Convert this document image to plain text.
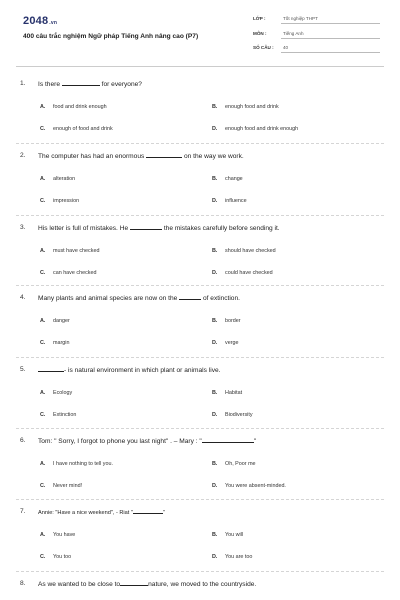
2048.vn
400 câu trắc nghiệm Ngữ pháp Tiếng Anh nâng cao (P7)
LỚP :	Tốt nghiệp THPT
MÔN :	Tiếng Anh
SỐ CÂU : 40
1. Is there	for everyone?
A. food and drink enough	B. enough food and drink
C. enough of food and drink	D. enough food and drink enough
2. The computer has had an enormous	on the way we work.
A. alteration	B. change
C. impression	D. influence
3. His letter is full of mistakes. He	the mistakes carefully before sending it.
A. must have checked	B. should have checked
C. can have checked	D. could have checked
4. Many plants and animal species are now on the	of extinction.
A. danger	B. border
C. margin	D. verge
5.	- is natural environment in which plant or animals live.
A. Ecology	B. Habitat
C. Extinction	D. Biodiversity
6. Tom: " Sorry, I forgot to phone you last night" . – Mary : "	"
A. I have nothing to tell you.	B. Oh, Poor me
C. Never mind!	D. You were absent-minded.
7. Annie: "Have a nice weekend", - Riat "	"
A. You have	B. You will
C. You too	D. You are too
8. As we wanted to be close to	nature, we moved to the countryside.
